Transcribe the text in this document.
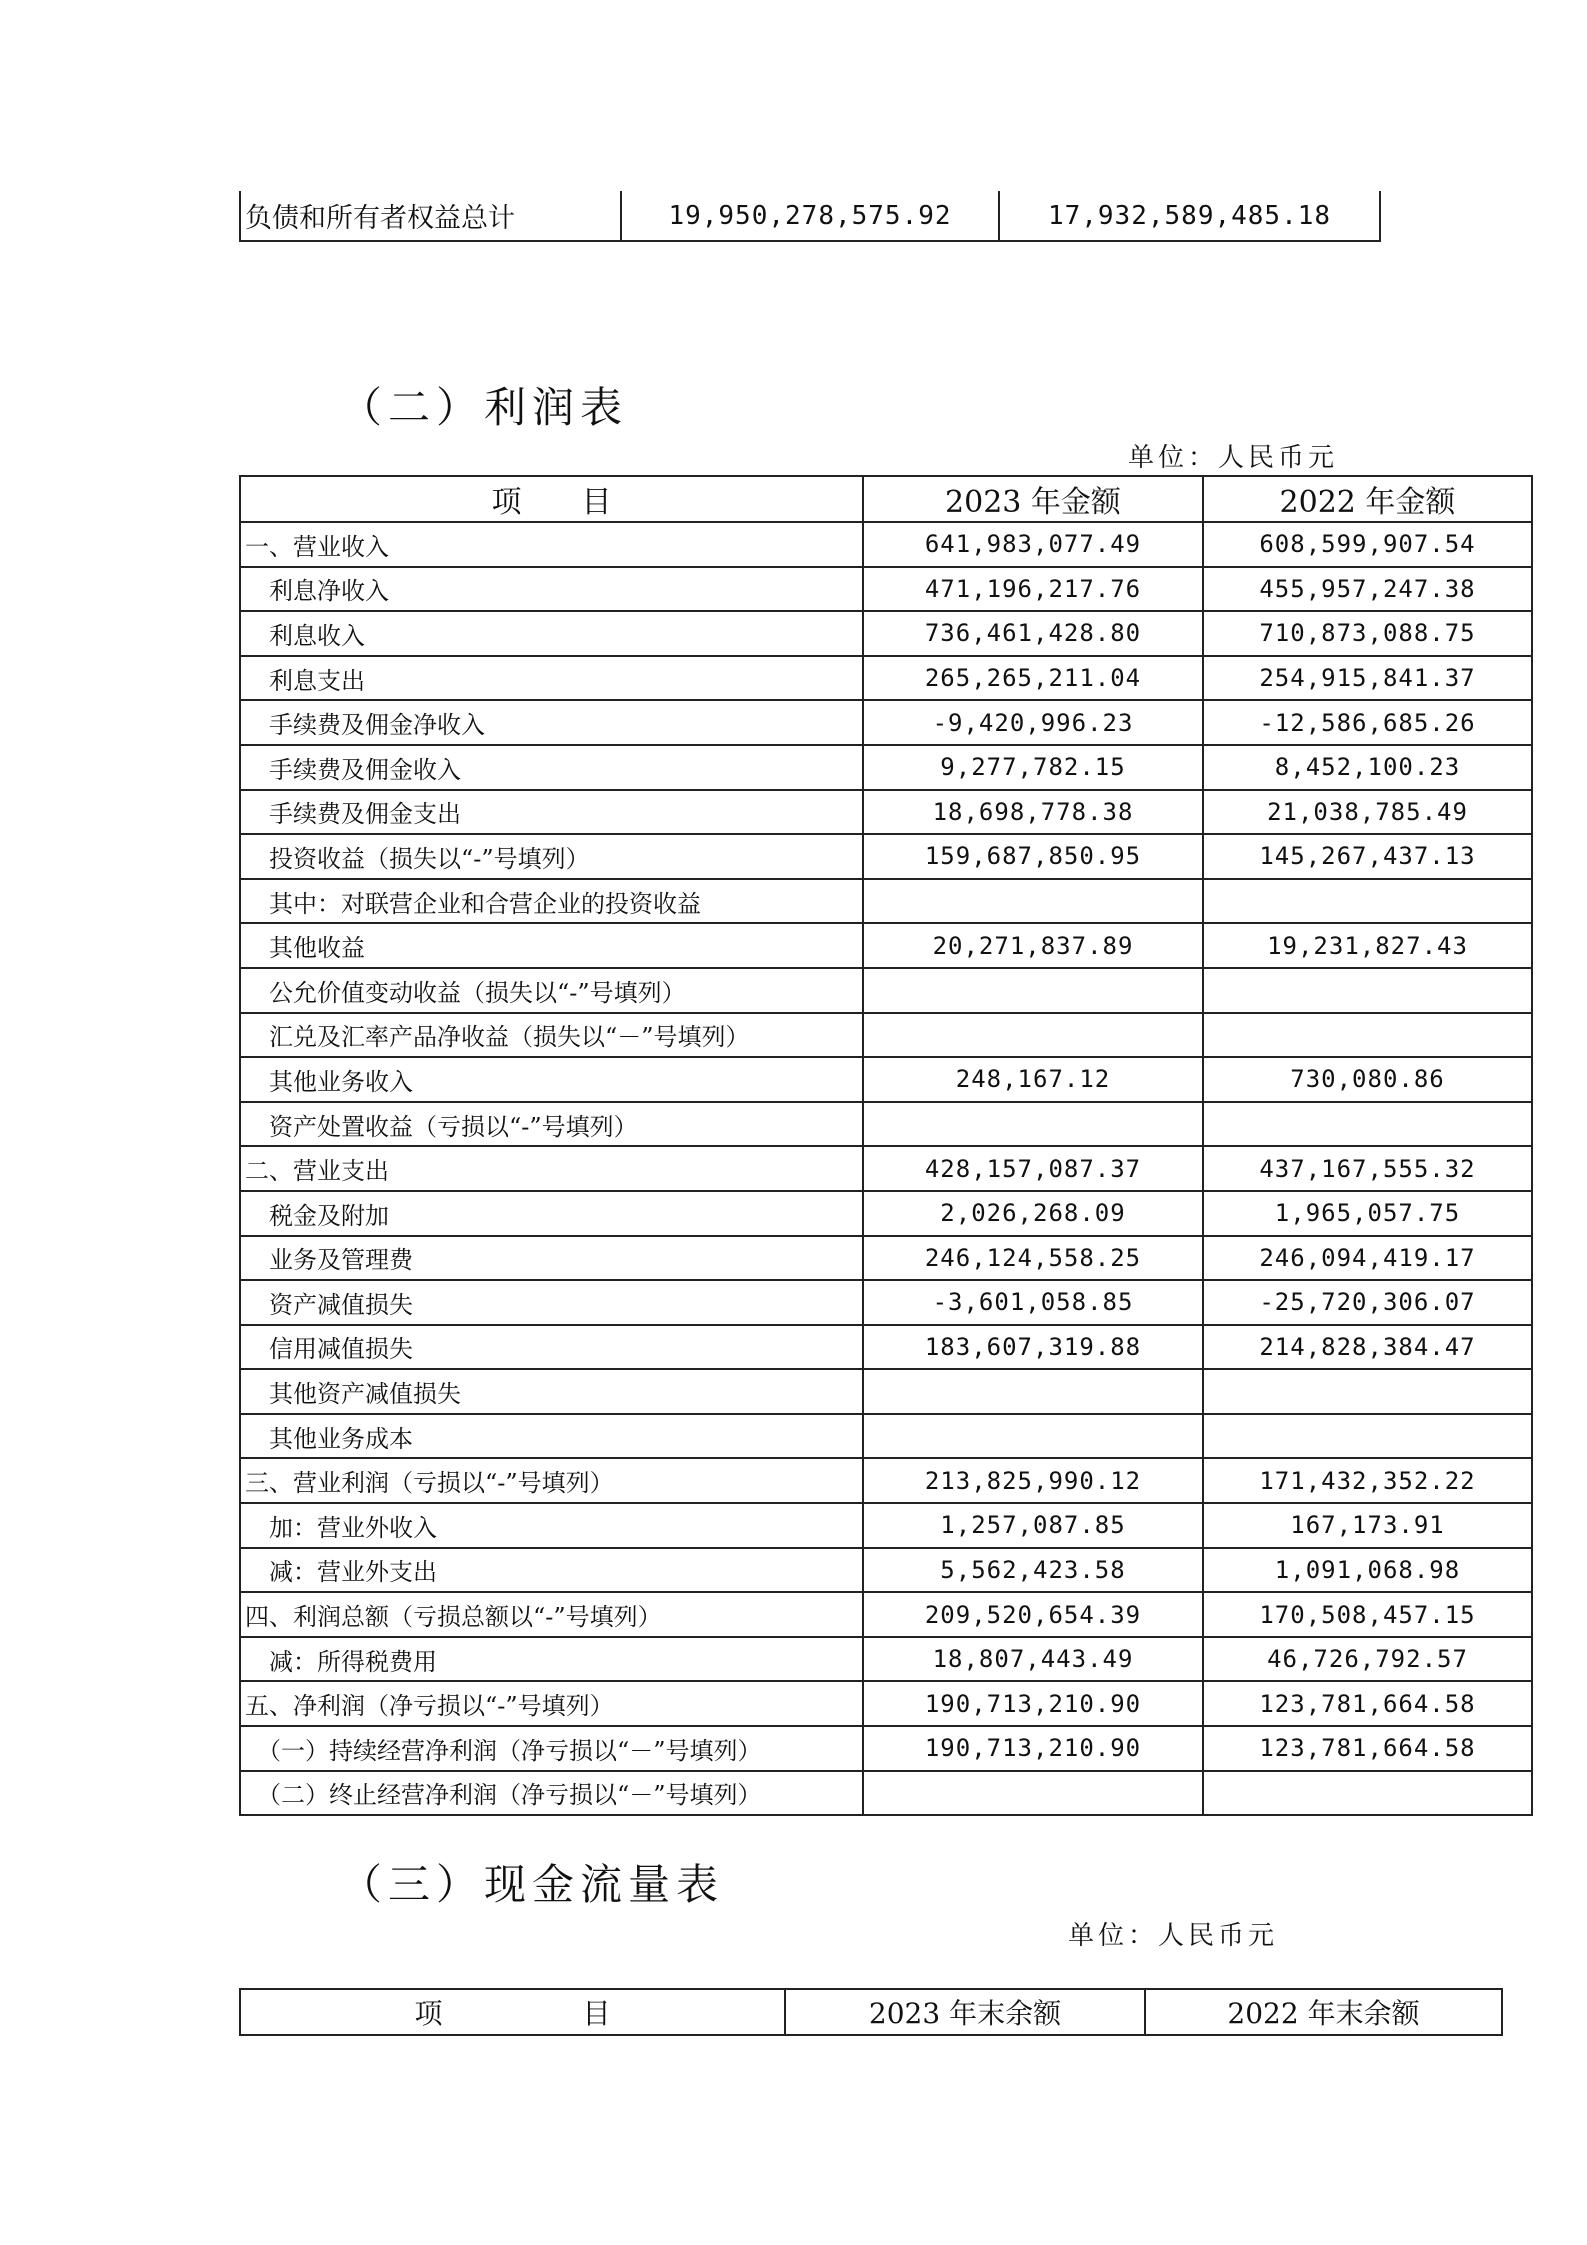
负债和所有者权益总计	19,950,278,575.92	17,932,589,485.18
（二）利润表
单位：人民币元
项　　目	2023 年金额	2022 年金额
一、营业收入	641,983,077.49	608,599,907.54
　利息净收入	471,196,217.76	455,957,247.38
　利息收入	736,461,428.80	710,873,088.75
　利息支出	265,265,211.04	254,915,841.37
　手续费及佣金净收入	-9,420,996.23	-12,586,685.26
　手续费及佣金收入	9,277,782.15	8,452,100.23
　手续费及佣金支出	18,698,778.38	21,038,785.49
　投资收益（损失以“-”号填列）	159,687,850.95	145,267,437.13
　其中：对联营企业和合营企业的投资收益		
　其他收益	20,271,837.89	19,231,827.43
　公允价值变动收益（损失以“-”号填列）		
　汇兑及汇率产品净收益（损失以“－”号填列）		
　其他业务收入	248,167.12	730,080.86
　资产处置收益（亏损以“-”号填列）		
二、营业支出	428,157,087.37	437,167,555.32
　税金及附加	2,026,268.09	1,965,057.75
　业务及管理费	246,124,558.25	246,094,419.17
　资产减值损失	-3,601,058.85	-25,720,306.07
　信用减值损失	183,607,319.88	214,828,384.47
　其他资产减值损失		
　其他业务成本		
三、营业利润（亏损以“-”号填列）	213,825,990.12	171,432,352.22
　加：营业外收入	1,257,087.85	167,173.91
　减：营业外支出	5,562,423.58	1,091,068.98
四、利润总额（亏损总额以“-”号填列）	209,520,654.39	170,508,457.15
　减：所得税费用	18,807,443.49	46,726,792.57
五、净利润（净亏损以“-”号填列）	190,713,210.90	123,781,664.58
　（一）持续经营净利润（净亏损以“－”号填列）	190,713,210.90	123,781,664.58
　（二）终止经营净利润（净亏损以“－”号填列）		
（三）现金流量表
单位：人民币元
项　　　　　目	2023 年末余额	2022 年末余额
